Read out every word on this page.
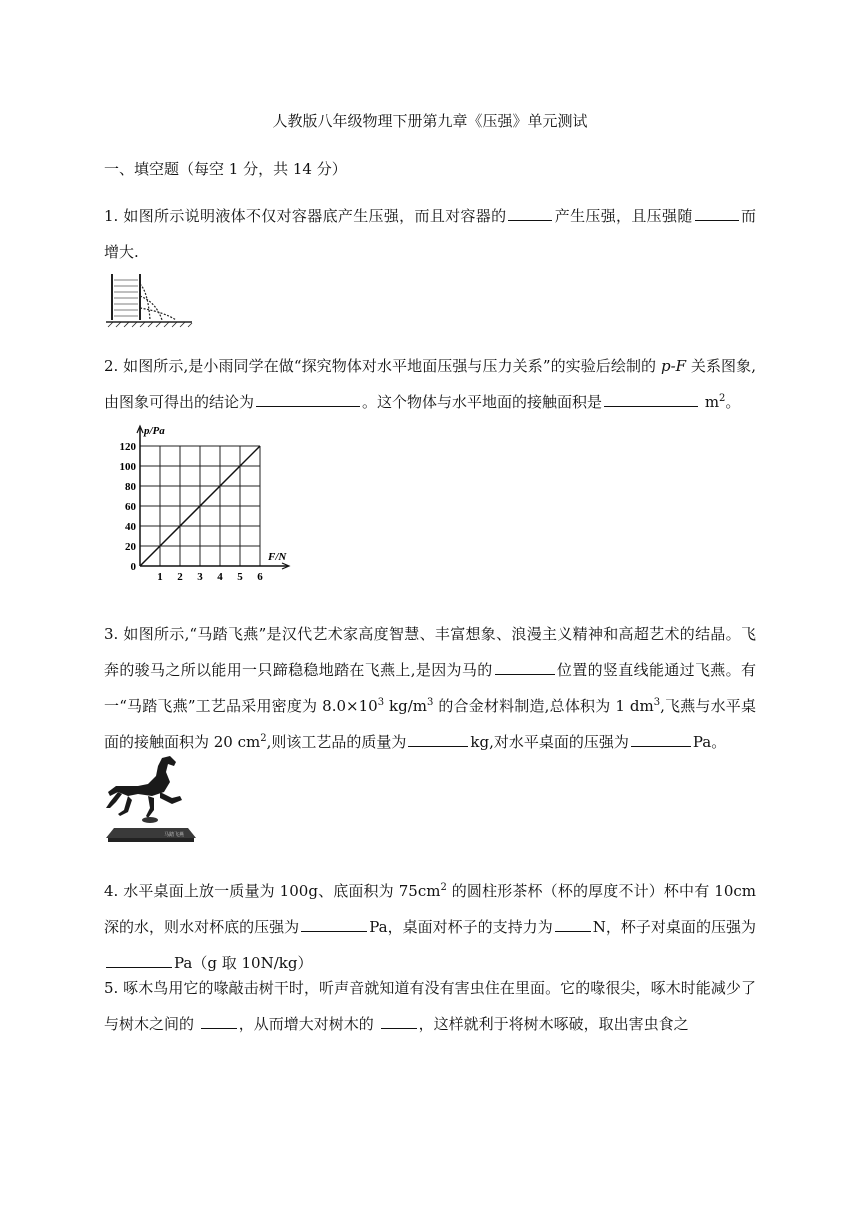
人教版八年级物理下册第九章《压强》单元测试
一、填空题（每空 1 分，共 14 分）
1. 如图所示说明液体不仅对容器底产生压强，而且对容器的	产生压强，且压强随	而增大.
2. 如图所示,是小雨同学在做“探究物体对水平地面压强与压力关系”的实验后绘制的 p-F 关系图象,由图象可得出的结论为	。这个物体与水平地面的接触面积是	$m^2$。
1 2 3 4 5 6
20
40
60
80
100
120
0
p/Pa
F/N
3. 如图所示,“马踏飞燕”是汉代艺术家高度智慧、丰富想象、浪漫主义精神和高超艺术的结晶。飞奔的骏马之所以能用一只蹄稳稳地踏在飞燕上,是因为马的	位置的竖直线能通过飞燕。有一“马踏飞燕”工艺品采用密度为 $8.0\times 10^3$ $kg/m^3$ 的合金材料制造,总体积为 1 $dm^3$,飞燕与水平桌面的接触面积为 20 $cm^2$,则该工艺品的质量为	kg,对水平桌面的压强为	Pa。
马踏飞燕
4. 水平桌面上放一质量为 100g、底面积为 $75cm^2$ 的圆柱形茶杯（杯的厚度不计）杯中有 10cm 深的水，则水对杯底的压强为	Pa，桌面对杯子的支持力为	N，杯子对桌面的压强为 Pa（g 取 10N/kg）
5. 啄木鸟用它的喙敲击树干时，听声音就知道有没有害虫住在里面。它的喙很尖，啄木时能减少了与树木之间的	，从而增大对树木的	，这样就利于将树木啄破，取出害虫食之
